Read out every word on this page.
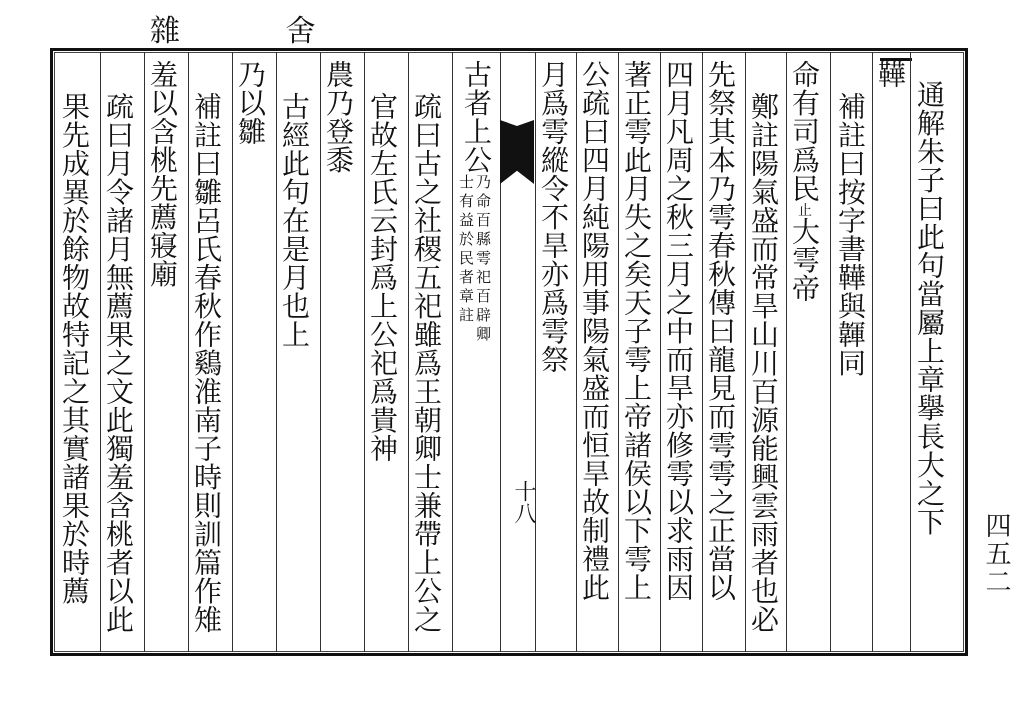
雜 舍
十八	通解朱子曰此句當屬上章擧長大之下
鞾
補註曰按字書鞾與韗同
命有司爲民止大雩帝
鄭註陽氣盛而常旱山川百源能興雲雨者也必
先祭其本乃雩春秋傳曰龍見而雩雩之正當以
四月凡周之秋三月之中而旱亦修雩以求雨因
著正雩此月失之矣天子雩上帝諸侯以下雩上
公疏曰四月純陽用事陽氣盛而恒旱故制禮此
月爲雩縱令不旱亦爲雩祭
古者上公
乃命百縣雩祀百辟卿
士有益於民者章註
疏曰古之社稷五祀雖爲王朝卿士兼帶上公之
官故左氏云封爲上公祀爲貴神
農乃登黍
古經此句在是月也上
乃以雛
補註曰雛呂氏春秋作鷄淮南子時則訓篇作雉
羞以含桃先薦寢廟
疏曰月令諸月無薦果之文此獨羞含桃者以此
果先成異於餘物故特記之其實諸果於時薦	四五二
